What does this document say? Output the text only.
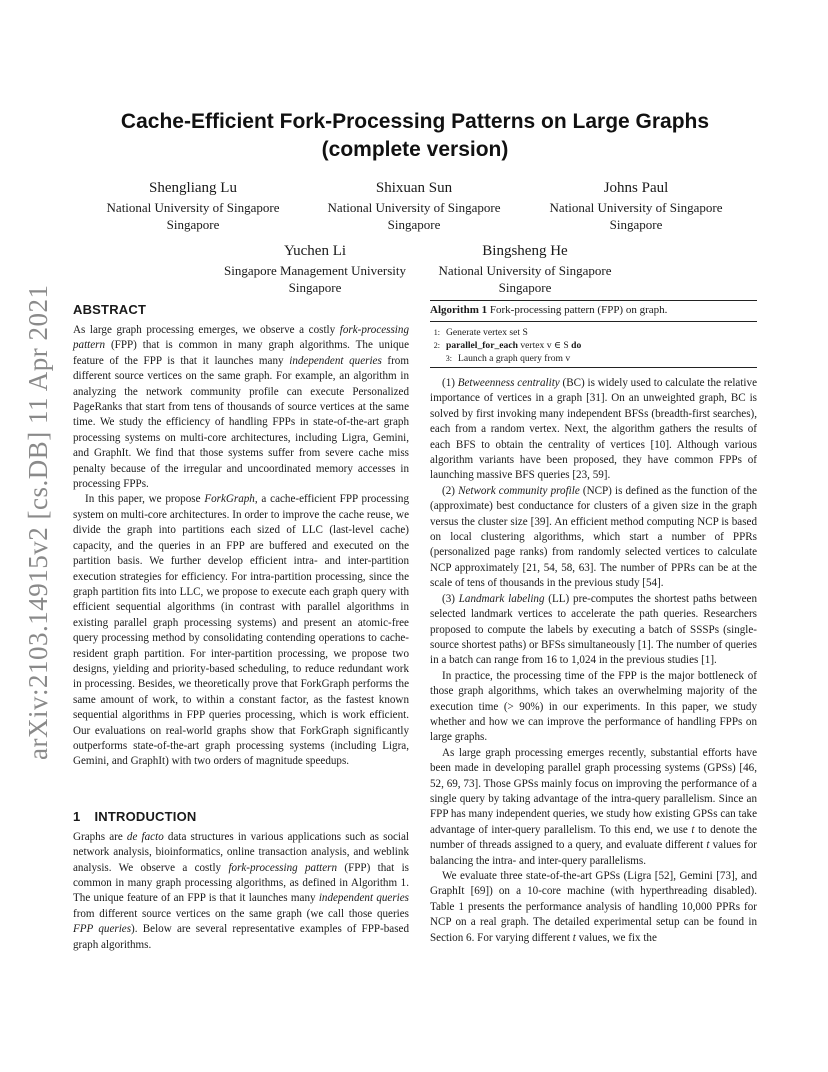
arXiv:2103.14915v2 [cs.DB] 11 Apr 2021
Cache-Efficient Fork-Processing Patterns on Large Graphs
(complete version)
Shengliang Lu
National University of Singapore
Singapore
Shixuan Sun
National University of Singapore
Singapore
Johns Paul
National University of Singapore
Singapore
Yuchen Li
Singapore Management University
Singapore
Bingsheng He
National University of Singapore
Singapore
ABSTRACT

As large graph processing emerges, we observe a costly fork-processing pattern (FPP) that is common in many graph algorithms. The unique feature of the FPP is that it launches many independent queries from different source vertices on the same graph. For example, an algorithm in analyzing the network community profile can execute Personalized PageRanks that start from tens of thousands of source vertices at the same time. We study the efficiency of handling FPPs in state-of-the-art graph processing systems on multi-core architectures, including Ligra, Gemini, and GraphIt. We find that those systems suffer from severe cache miss penalty because of the irregular and uncoordinated memory accesses in processing FPPs.

In this paper, we propose ForkGraph, a cache-efficient FPP processing system on multi-core architectures. In order to improve the cache reuse, we divide the graph into partitions each sized of LLC (last-level cache) capacity, and the queries in an FPP are buffered and executed on the partition basis. We further develop efficient intra- and inter-partition execution strategies for efficiency. For intra-partition processing, since the graph partition fits into LLC, we propose to execute each graph query with efficient sequential algorithms (in contrast with parallel algorithms in existing parallel graph processing systems) and present an atomic-free query processing method by consolidating contending operations to cache-resident graph partition. For inter-partition processing, we propose two designs, yielding and priority-based scheduling, to reduce redundant work in processing. Besides, we theoretically prove that ForkGraph performs the same amount of work, to within a constant factor, as the fastest known sequential algorithms in FPP queries processing, which is work efficient. Our evaluations on real-world graphs show that ForkGraph significantly outperforms state-of-the-art graph processing systems (including Ligra, Gemini, and GraphIt) with two orders of magnitude speedups.

1 INTRODUCTION

Graphs are de facto data structures in various applications such as social network analysis, bioinformatics, online transaction analysis, and weblink analysis. We observe a costly fork-processing pattern (FPP) that is common in many graph processing algorithms, as defined in Algorithm 1. The unique feature of an FPP is that it launches many independent queries from different source vertices on the same graph (we call those queries FPP queries). Below are several representative examples of FPP-based graph algorithms.

Algorithm 1 Fork-processing pattern (FPP) on graph.
1: Generate vertex set S
2: parallel_for_each vertex v ∈ S do
3: Launch a graph query from v

(1) Betweenness centrality (BC) is widely used to calculate the relative importance of vertices in a graph [31]. On an unweighted graph, BC is solved by first invoking many independent BFSs (breadth-first searches), each from a random vertex. Next, the algorithm gathers the results of each BFS to obtain the centrality of vertices [10]. Although various algorithm variants have been proposed, they have common FPPs of launching massive BFS queries [23, 59].

(2) Network community profile (NCP) is defined as the function of the (approximate) best conductance for clusters of a given size in the graph versus the cluster size [39]. An efficient method computing NCP is based on local clustering algorithms, which start a number of PPRs (personalized page ranks) from randomly selected vertices to calculate NCP approximately [21, 54, 58, 63]. The number of PPRs can be at the scale of tens of thousands in the previous study [54].

(3) Landmark labeling (LL) pre-computes the shortest paths between selected landmark vertices to accelerate the path queries. Researchers proposed to compute the labels by executing a batch of SSSPs (single-source shortest paths) or BFSs simultaneously [1]. The number of queries in a batch can range from 16 to 1,024 in the previous studies [1].

In practice, the processing time of the FPP is the major bottleneck of those graph algorithms, which takes an overwhelming majority of the execution time (> 90%) in our experiments. In this paper, we study whether and how we can improve the performance of handling FPPs on large graphs.

As large graph processing emerges recently, substantial efforts have been made in developing parallel graph processing systems (GPSs) [46, 52, 69, 73]. Those GPSs mainly focus on improving the performance of a single query by taking advantage of the intra-query parallelism. Since an FPP has many independent queries, we study how existing GPSs can take advantage of inter-query parallelism. To this end, we use t to denote the number of threads assigned to a query, and evaluate different t values for balancing the intra- and inter-query parallelisms.

We evaluate three state-of-the-art GPSs (Ligra [52], Gemini [73], and GraphIt [69]) on a 10-core machine (with hyperthreading disabled). Table 1 presents the performance analysis of handling 10,000 PPRs for NCP on a real graph. The detailed experimental setup can be found in Section 6. For varying different t values, we fix the
